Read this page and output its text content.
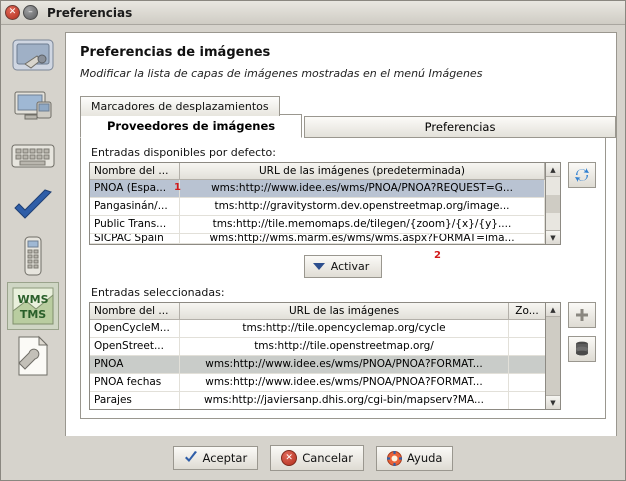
✕	–	Preferencias
WMS
TMS
Preferencias de imágenes
Modificar la lista de capas de imágenes mostradas en el menú Imágenes
Marcadores de desplazamientos
Proveedores de imágenes	Preferencias
Entradas disponibles por defecto:
Nombre del ...	URL de las imágenes (predeterminada)
PNOA (Espa...	wms:http://www.idee.es/wms/PNOA/PNOA?REQUEST=G...
1
Pangasinán/...	tms:http://gravitystorm.dev.openstreetmap.org/image...
Public Trans...	tms:http://tile.memomaps.de/tilegen/{zoom}/{x}/{y}....
SICPAC Spain	wms:http://wms.marm.es/wms/wms.aspx?FORMAT=ima...
▲
▼
Activar
2
Entradas seleccionadas:
Nombre del ...	URL de las imágenes	Zo...
OpenCycleM...	tms:http://tile.opencyclemap.org/cycle
OpenStreet...	tms:http://tile.openstreetmap.org/
PNOA	wms:http://www.idee.es/wms/PNOA/PNOA?FORMAT...
PNOA fechas	wms:http://www.idee.es/wms/PNOA/PNOA?FORMAT...
Parajes	wms:http://javiersanp.dhis.org/cgi-bin/mapserv?MA...
▲
▼
Aceptar	✕ Cancelar	Ayuda
